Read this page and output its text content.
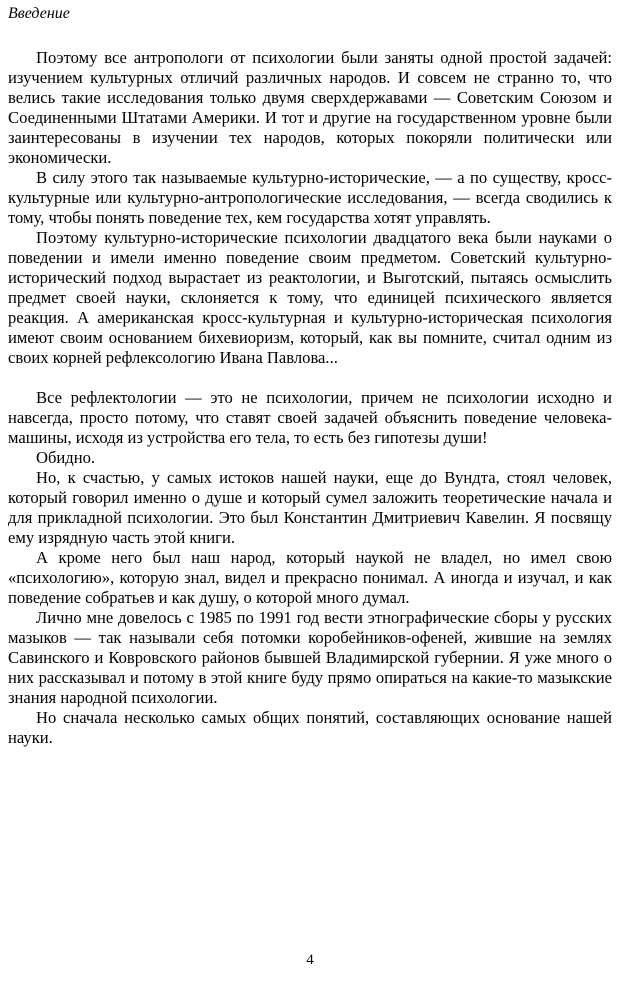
Введение

Поэтому все антропологи от психологии были заняты одной простой задачей: изучением культурных отличий различных народов. И совсем не странно то, что велись такие исследования только двумя сверхдержавами — Советским Союзом и Соединенными Штатами Америки. И тот и другие на государственном уровне были заинтересованы в изучении тех народов, которых покоряли политически или экономически.

В силу этого так называемые культурно-исторические, — а по существу, кросс-культурные или культурно-антропологические исследования, — всегда сводились к тому, чтобы понять поведение тех, кем государства хотят управлять.

Поэтому культурно-исторические психологии двадцатого века были науками о поведении и имели именно поведение своим предметом. Советский культурно-исторический подход вырастает из реактологии, и Выготский, пытаясь осмыслить предмет своей науки, склоняется к тому, что единицей психического является реакция. А американская кросс-культурная и культурно-историческая психология имеют своим основанием бихевиоризм, который, как вы помните, считал одним из своих корней рефлексологию Ивана Павлова...

Все рефлектологии — это не психологии, причем не психологии исходно и навсегда, просто потому, что ставят своей задачей объяснить поведение человека-машины, исходя из устройства его тела, то есть без гипотезы души!

Обидно.

Но, к счастью, у самых истоков нашей науки, еще до Вундта, стоял человек, который говорил именно о душе и который сумел заложить теоретические начала и для прикладной психологии. Это был Константин Дмитриевич Кавелин. Я посвящу ему изрядную часть этой книги.

А кроме него был наш народ, который наукой не владел, но имел свою «психологию», которую знал, видел и прекрасно понимал. А иногда и изучал, и как поведение собратьев и как душу, о которой много думал.

Лично мне довелось с 1985 по 1991 год вести этнографические сборы у русских мазыков — так называли себя потомки коробейников-офеней, жившие на землях Савинского и Ковровского районов бывшей Владимирской губернии. Я уже много о них рассказывал и потому в этой книге буду прямо опираться на какие-то мазыкские знания народной психологии.

Но сначала несколько самых общих понятий, составляющих основание нашей науки.

4
